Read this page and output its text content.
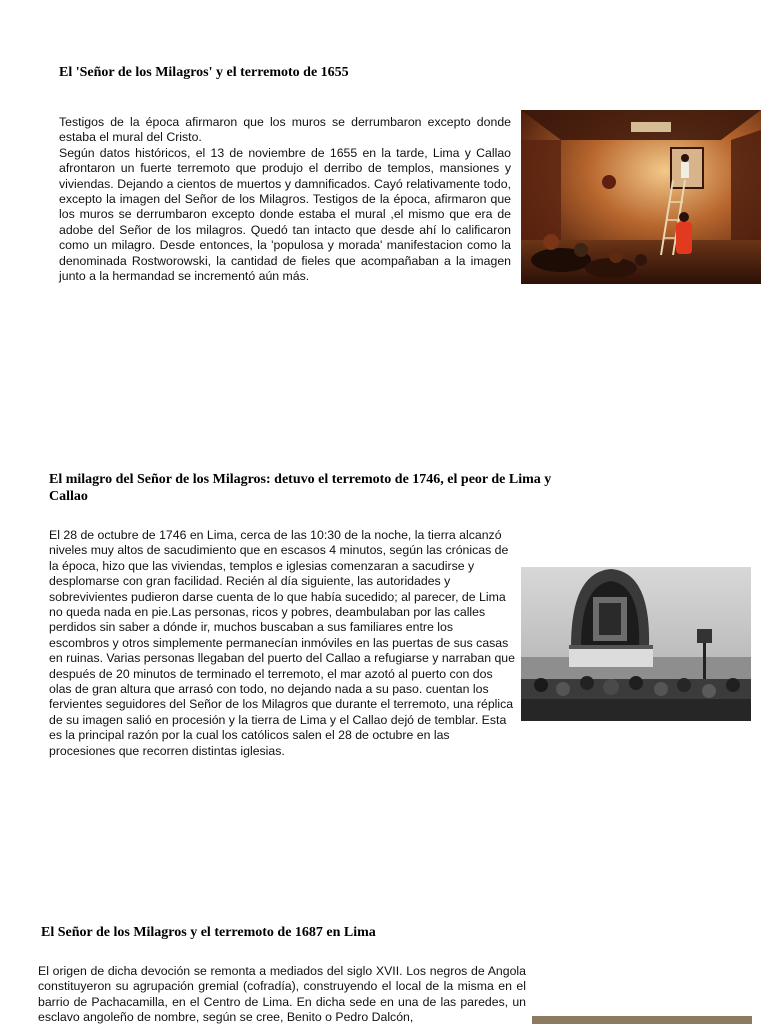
El 'Señor de los Milagros' y el terremoto de 1655
Testigos de la época afirmaron que los muros se derrumbaron excepto donde estaba el mural del Cristo.
Según datos históricos, el 13 de noviembre de 1655 en la tarde, Lima y Callao afrontaron un fuerte terremoto que produjo el derribo de templos, mansiones y viviendas. Dejando a cientos de muertos y damnificados. Cayó relativamente todo, excepto la imagen del Señor de los Milagros. Testigos de la época, afirmaron que los muros se derrumbaron excepto donde estaba el mural ,el mismo que era de adobe del Señor de los milagros. Quedó tan intacto que desde ahí lo calificaron como un milagro. Desde entonces, la 'populosa y morada' manifestacion como la denominada Rostworowski, la cantidad de fieles que acompañaban a la imagen junto a la hermandad se incrementó aún más.
El milagro del Señor de los Milagros: detuvo el terremoto de 1746, el peor de Lima y Callao
El 28 de octubre de 1746 en Lima, cerca de las 10:30 de la noche, la tierra alcanzó niveles muy altos de sacudimiento que en escasos 4 minutos, según las crónicas de la época, hizo que las viviendas, templos e iglesias comenzaran a sacudirse y desplomarse con gran facilidad. Recién al día siguiente, las autoridades y sobrevivientes pudieron darse cuenta de lo que había sucedido; al parecer, de Lima no queda nada en pie.Las personas, ricos y pobres, deambulaban por las calles perdidos sin saber a dónde ir, muchos buscaban a sus familiares entre los escombros y otros simplemente permanecían inmóviles en las puertas de sus casas en ruinas. Varias personas llegaban del puerto del Callao a refugiarse y narraban que después de 20 minutos de terminado el terremoto, el mar azotó al puerto con dos olas de gran altura que arrasó con todo, no dejando nada a su paso. cuentan los fervientes seguidores del Señor de los Milagros que durante el terremoto, una réplica de su imagen salió en procesión y la tierra de Lima y el Callao dejó de temblar. Esta es la principal razón por la cual los católicos salen el 28 de octubre en las procesiones que recorren distintas iglesias.
El Señor de los Milagros y el terremoto de 1687 en Lima
El origen de dicha devoción se remonta a mediados del siglo XVII. Los negros de Angola constituyeron su agrupación gremial (cofradía), construyendo el local de la misma en el barrio de Pachacamilla, en el Centro de Lima. En dicha sede en una de las paredes, un esclavo angoleño de nombre, según se cree, Benito o Pedro Dalcón,
